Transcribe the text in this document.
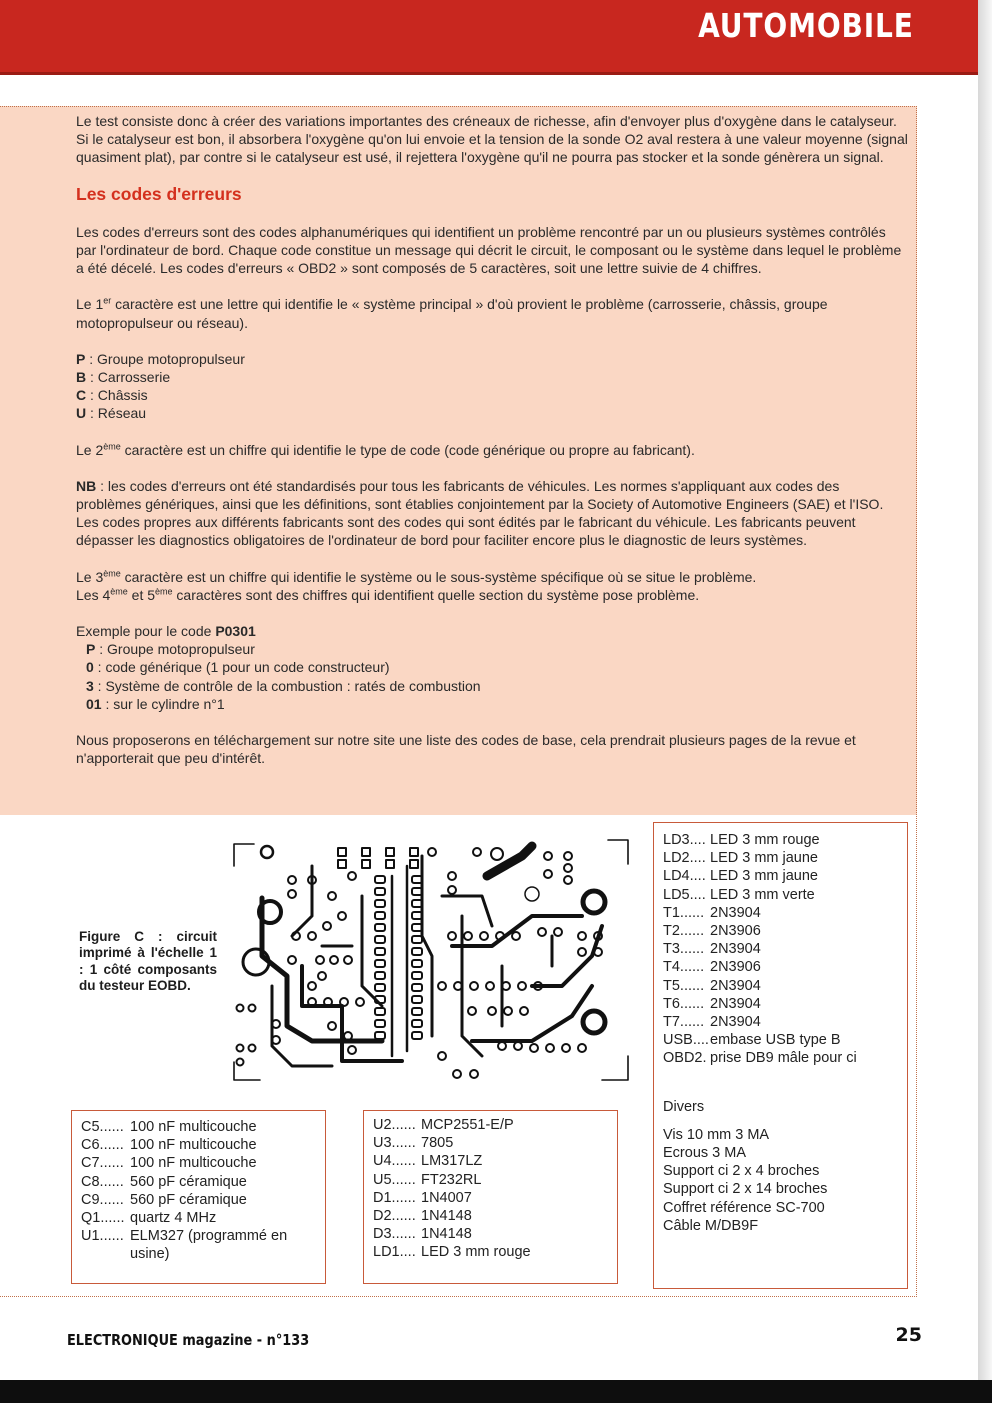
AUTOMOBILE

Le test consiste donc à créer des variations importantes des créneaux de richesse, afin d'envoyer plus d'oxygène dans le catalyseur. Si le catalyseur est bon, il absorbera l'oxygène qu'on lui envoie et la tension de la sonde O2 aval restera à une valeur moyenne (signal quasiment plat), par contre si le catalyseur est usé, il rejettera l'oxygène qu'il ne pourra pas stocker et la sonde génèrera un signal.

Les codes d'erreurs

Les codes d'erreurs sont des codes alphanumériques qui identifient un problème rencontré par un ou plusieurs systèmes contrôlés par l'ordinateur de bord. Chaque code constitue un message qui décrit le circuit, le composant ou le système dans lequel le problème a été décelé. Les codes d'erreurs « OBD2 » sont composés de 5 caractères, soit une lettre suivie de 4 chiffres.

Le 1er caractère est une lettre qui identifie le « système principal » d'où provient le problème (carrosserie, châssis, groupe motopropulseur ou réseau).

P : Groupe motopropulseur
B : Carrosserie
C : Châssis
U : Réseau

Le 2ème caractère est un chiffre qui identifie le type de code (code générique ou propre au fabricant).

NB : les codes d'erreurs ont été standardisés pour tous les fabricants de véhicules. Les normes s'appliquant aux codes des problèmes génériques, ainsi que les définitions, sont établies conjointement par la Society of Automotive Engineers (SAE) et l'ISO. Les codes propres aux différents fabricants sont des codes qui sont édités par le fabricant du véhicule. Les fabricants peuvent dépasser les diagnostics obligatoires de l'ordinateur de bord pour faciliter encore plus le diagnostic de leurs systèmes.

Le 3ème caractère est un chiffre qui identifie le système ou le sous-système spécifique où se situe le problème.
Les 4ème et 5ème caractères sont des chiffres qui identifient quelle section du système pose problème.

Exemple pour le code P0301
P : Groupe motopropulseur
0 : code générique (1 pour un code constructeur)
3 : Système de contrôle de la combustion : ratés de combustion
01 : sur le cylindre n°1

Nous proposerons en téléchargement sur notre site une liste des codes de base, cela prendrait plusieurs pages de la revue et n'apporterait que peu d'intérêt.

Figure C : circuit imprimé à l'échelle 1 : 1 côté composants du testeur EOBD.
C5...... 100 nF multicouche
C6...... 100 nF multicouche
C7...... 100 nF multicouche
C8...... 560 pF céramique
C9...... 560 pF céramique
Q1...... quartz 4 MHz
U1...... ELM327 (programmé en usine)
U2...... MCP2551-E/P
U3...... 7805
U4...... LM317LZ
U5...... FT232RL
D1...... 1N4007
D2...... 1N4148
D3...... 1N4148
LD1.... LED 3 mm rouge
LD3.... LED 3 mm rouge
LD2.... LED 3 mm jaune
LD4.... LED 3 mm jaune
LD5.... LED 3 mm verte
T1...... 2N3904
T2...... 2N3906
T3...... 2N3904
T4...... 2N3906
T5...... 2N3904
T6...... 2N3904
T7...... 2N3904
USB.... embase USB type B
OBD2. prise DB9 mâle pour ci
Divers
Vis 10 mm 3 MA
Ecrous 3 MA
Support ci 2 x 4 broches
Support ci 2 x 14 broches
Coffret référence SC-700
Câble M/DB9F
ELECTRONIQUE magazine - n°133	25
